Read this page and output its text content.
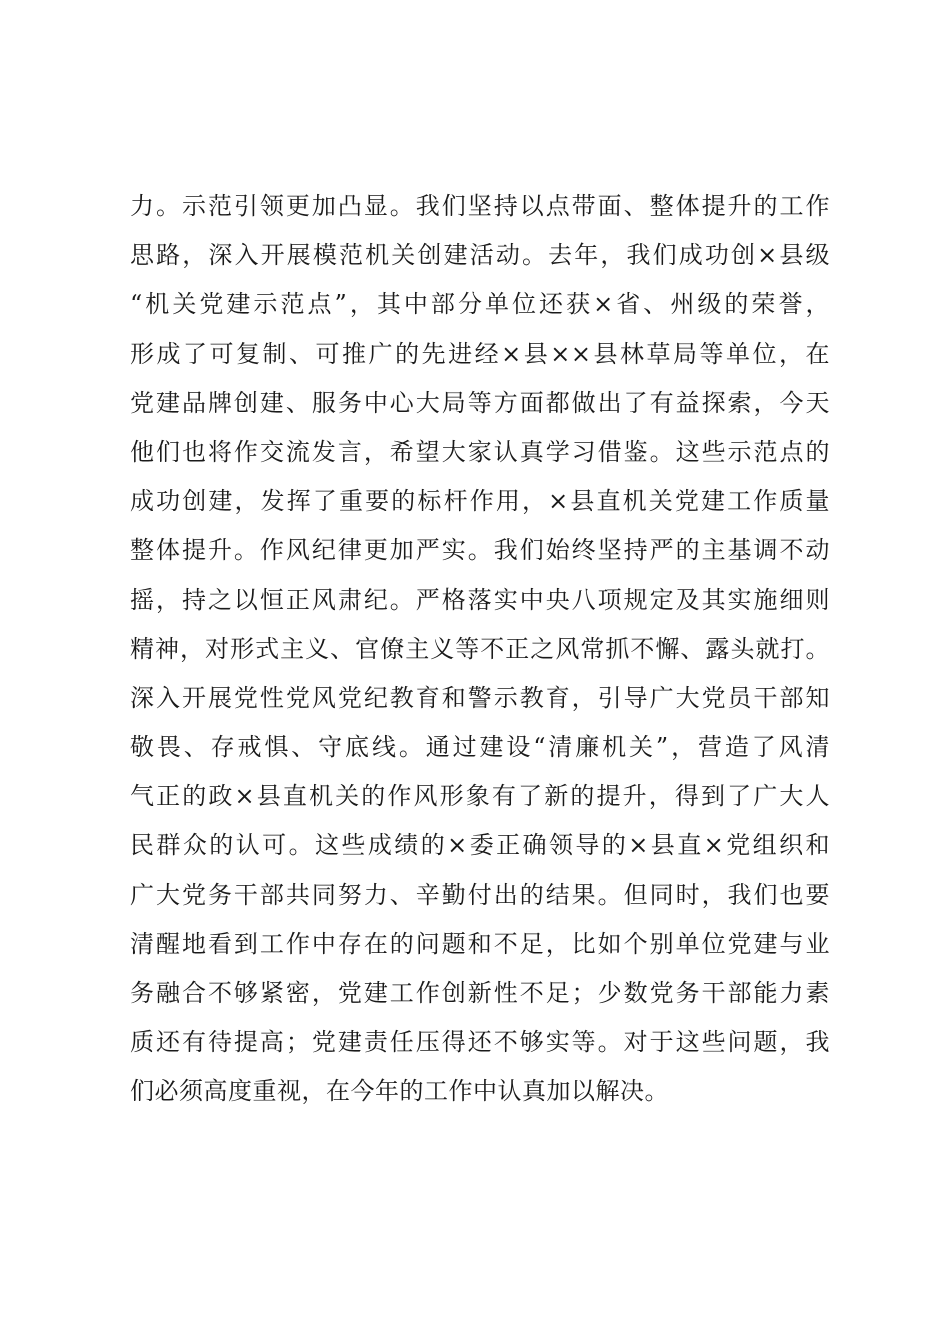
力。示范引领更加凸显。我们坚持以点带面、整体提升的工作
思路，深入开展模范机关创建活动。去年，我们成功创×县级
“机关党建示范点”，其中部分单位还获×省、州级的荣誉，
形成了可复制、可推广的先进经×县××县林草局等单位，在
党建品牌创建、服务中心大局等方面都做出了有益探索，今天
他们也将作交流发言，希望大家认真学习借鉴。这些示范点的
成功创建，发挥了重要的标杆作用，×县直机关党建工作质量
整体提升。作风纪律更加严实。我们始终坚持严的主基调不动
摇，持之以恒正风肃纪。严格落实中央八项规定及其实施细则
精神，对形式主义、官僚主义等不正之风常抓不懈、露头就打。
深入开展党性党风党纪教育和警示教育，引导广大党员干部知
敬畏、存戒惧、守底线。通过建设“清廉机关”，营造了风清
气正的政×县直机关的作风形象有了新的提升，得到了广大人
民群众的认可。这些成绩的×委正确领导的×县直×党组织和
广大党务干部共同努力、辛勤付出的结果。但同时，我们也要
清醒地看到工作中存在的问题和不足，比如个别单位党建与业
务融合不够紧密，党建工作创新性不足；少数党务干部能力素
质还有待提高；党建责任压得还不够实等。对于这些问题，我
们必须高度重视，在今年的工作中认真加以解决。
